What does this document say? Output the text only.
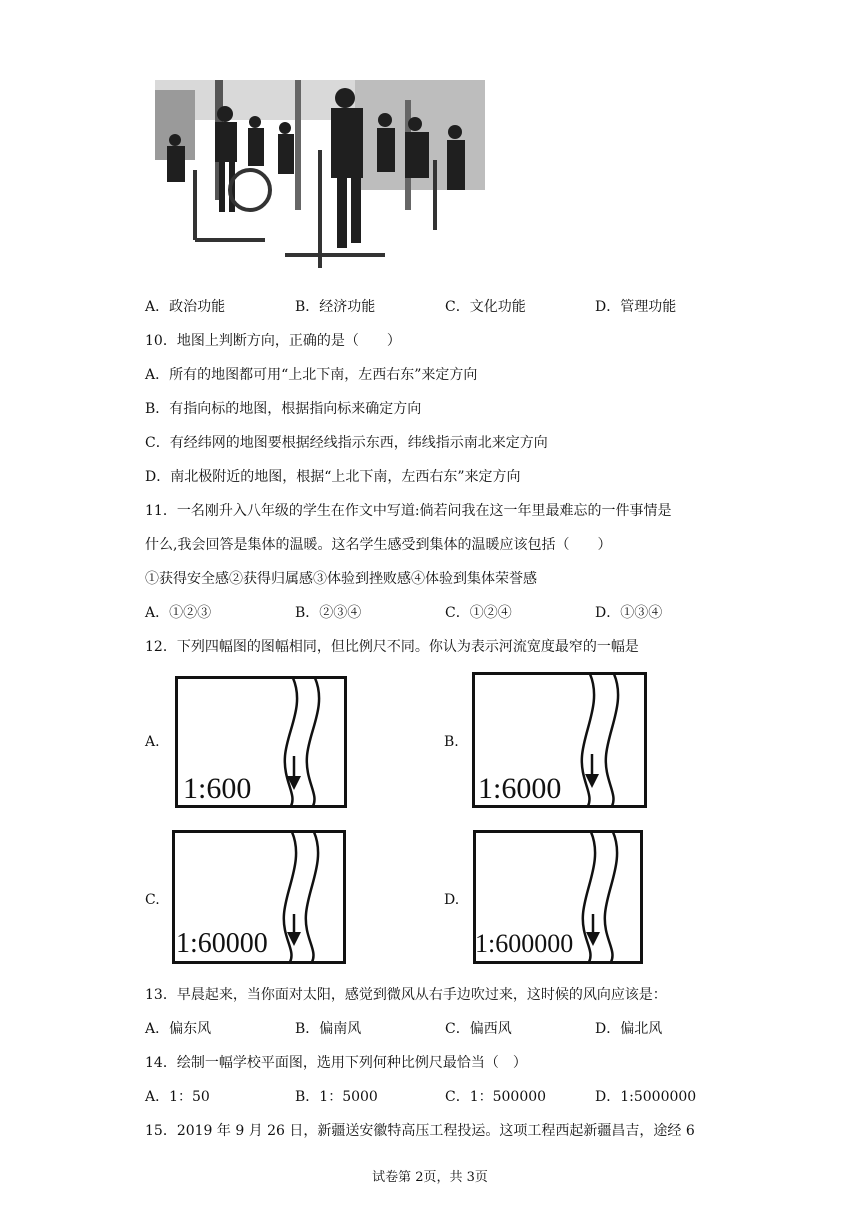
A．政治功能	B．经济功能	C．文化功能	D．管理功能
10．地图上判断方向，正确的是（　　）
A．所有的地图都可用“上北下南，左西右东”来定方向
B．有指向标的地图，根据指向标来确定方向
C．有经纬网的地图要根据经线指示东西，纬线指示南北来定方向
D．南北极附近的地图，根据“上北下南，左西右东”来定方向
11．一名刚升入八年级的学生在作文中写道:倘若问我在这一年里最难忘的一件事情是
什么,我会回答是集体的温暖。这名学生感受到集体的温暖应该包括（　　）
①获得安全感②获得归属感③体验到挫败感④体验到集体荣誉感
A．①②③	B．②③④	C．①②④	D．①③④
12．下列四幅图的图幅相同，但比例尺不同。你认为表示河流宽度最窄的一幅是
A.
1:600
B.
1:6000
C.
1:60000
D.
1:600000
13．早晨起来，当你面对太阳，感觉到微风从右手边吹过来，这时候的风向应该是：
A．偏东风	B．偏南风	C．偏西风	D．偏北风
14．绘制一幅学校平面图，选用下列何种比例尺最恰当（　）
A．1：50	B．1：5000	C．1：500000	D．1:5000000
15．2019 年 9 月 26 日，新疆送安徽特高压工程投运。这项工程西起新疆昌吉，途经 6
试卷第 2页，共 3页
